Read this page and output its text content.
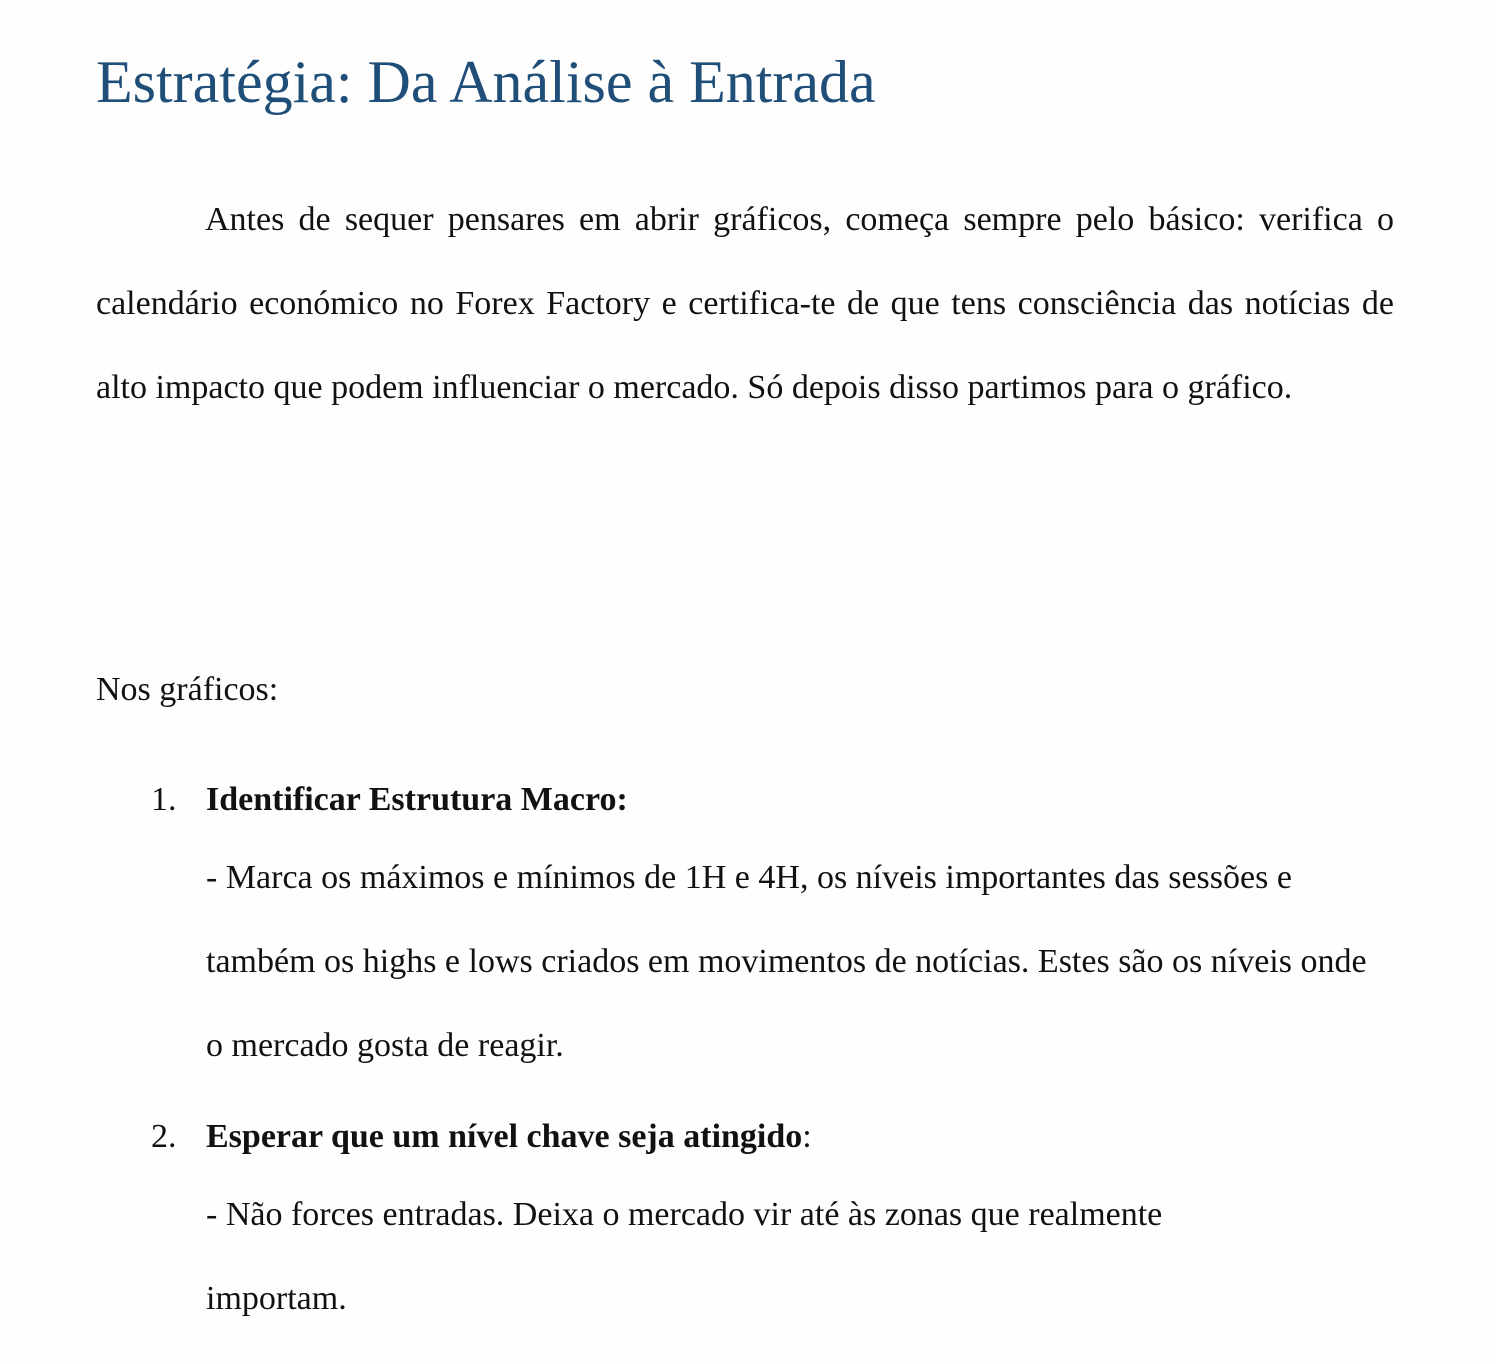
Estratégia: Da Análise à Entrada

Antes de sequer pensares em abrir gráficos, começa sempre pelo básico: verifica o calendário económico no Forex Factory e certifica-te de que tens consciência das notícias de alto impacto que podem influenciar o mercado. Só depois disso partimos para o gráfico.

Nos gráficos:

1. Identificar Estrutura Macro:

- Marca os máximos e mínimos de 1H e 4H, os níveis importantes das sessões e também os highs e lows criados em movimentos de notícias. Estes são os níveis onde o mercado gosta de reagir.

2. Esperar que um nível chave seja atingido:

- Não forces entradas. Deixa o mercado vir até às zonas que realmente importam.
